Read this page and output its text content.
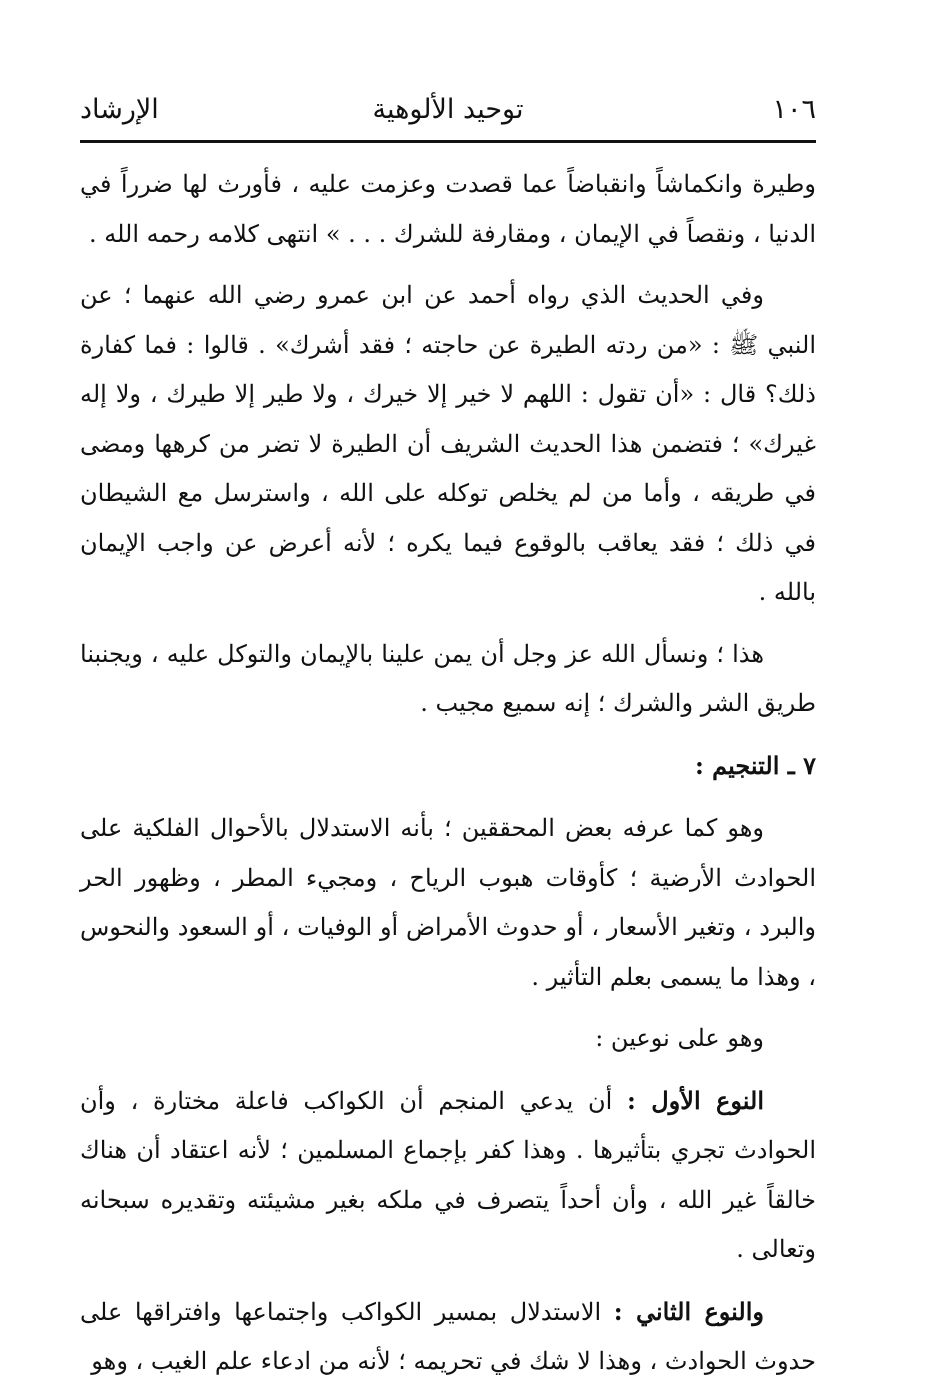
١٠٦
توحيد الألوهية
الإرشاد

وطيرة وانكماشاً وانقباضاً عما قصدت وعزمت عليه ، فأورث لها ضرراً في الدنيا ، ونقصاً في الإيمان ، ومقارفة للشرك . . . » انتهى كلامه رحمه الله .

وفي الحديث الذي رواه أحمد عن ابن عمرو رضي الله عنهما ؛ عن النبي ﷺ : «من ردته الطيرة عن حاجته ؛ فقد أشرك» . قالوا : فما كفارة ذلك؟ قال : «أن تقول : اللهم لا خير إلا خيرك ، ولا طير إلا طيرك ، ولا إله غيرك» ؛ فتضمن هذا الحديث الشريف أن الطيرة لا تضر من كرهها ومضى في طريقه ، وأما من لم يخلص توكله على الله ، واسترسل مع الشيطان في ذلك ؛ فقد يعاقب بالوقوع فيما يكره ؛ لأنه أعرض عن واجب الإيمان بالله .

هذا ؛ ونسأل الله عز وجل أن يمن علينا بالإيمان والتوكل عليه ، ويجنبنا طريق الشر والشرك ؛ إنه سميع مجيب .

٧ ـ التنجيم :

وهو كما عرفه بعض المحققين ؛ بأنه الاستدلال بالأحوال الفلكية على الحوادث الأرضية ؛ كأوقات هبوب الرياح ، ومجيء المطر ، وظهور الحر والبرد ، وتغير الأسعار ، أو حدوث الأمراض أو الوفيات ، أو السعود والنحوس ، وهذا ما يسمى بعلم التأثير .

وهو على نوعين :

النوع الأول : أن يدعي المنجم أن الكواكب فاعلة مختارة ، وأن الحوادث تجري بتأثيرها . وهذا كفر بإجماع المسلمين ؛ لأنه اعتقاد أن هناك خالقاً غير الله ، وأن أحداً يتصرف في ملكه بغير مشيئته وتقديره سبحانه وتعالى .

والنوع الثاني : الاستدلال بمسير الكواكب واجتماعها وافتراقها على حدوث الحوادث ، وهذا لا شك في تحريمه ؛ لأنه من ادعاء علم الغيب ، وهو
